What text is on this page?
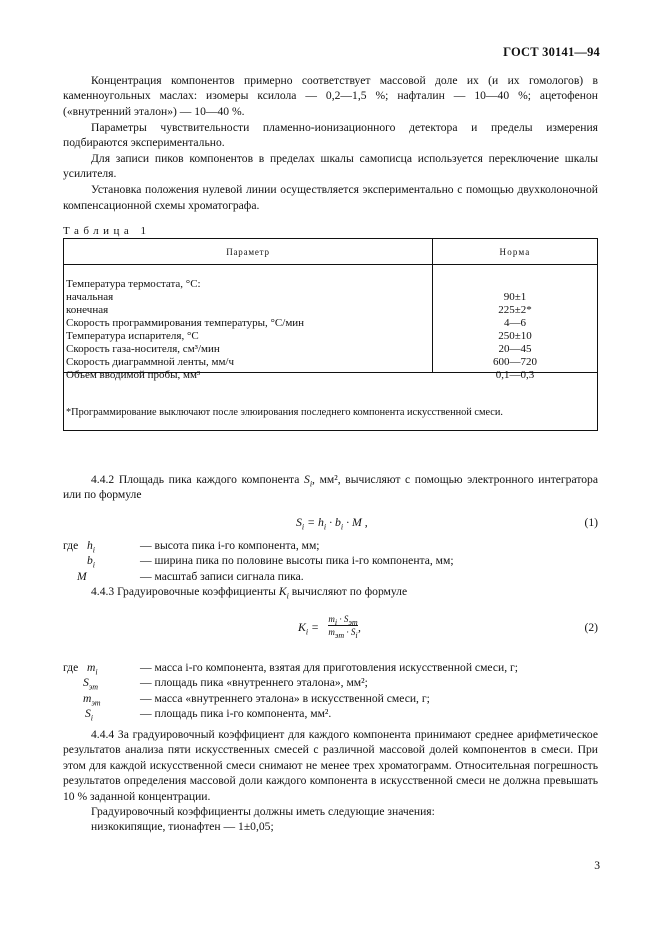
ГОСТ 30141—94

Концентрация компонентов примерно соответствует массовой доле их (и их гомологов) в каменноугольных маслах: изомеры ксилола — 0,2—1,5 %; нафталин — 10—40 %; ацетофенон («внутренний эталон») — 10—40 %.

Параметры чувствительности пламенно-ионизационного детектора и пределы измерения подбираются экспериментально.

Для записи пиков компонентов в пределах шкалы самописца используется переключение шкалы усилителя.

Установка положения нулевой линии осуществляется экспериментально с помощью двухколоночной компенсационной схемы хроматографа.

Таблица 1
Параметр	Норма
Температура термостата, °C:
начальная	90±1
конечная	225±2*
Скорость программирования температуры, °C/мин	4—6
Температура испарителя, °C	250±10
Скорость газа-носителя, см³/мин	20—45
Скорость диаграммной ленты, мм/ч	600—720
Объем вводимой пробы, мм³	0,1—0,3
*Программирование выключают после элюирования последнего компонента искусственной смеси.
4.4.2 Площадь пика каждого компонента $S_i$, мм², вычисляют с помощью электронного интегратора или по формуле
$S_i = h_i \cdot b_i \cdot M$ ,	(1)
где $h_i$	— высота пика i-го компонента, мм;
$b_i$	— ширина пика по половине высоты пика i-го компонента, мм;
M	— масштаб записи сигнала пика.
4.4.3 Градуировочные коэффициенты $K_i$ вычисляют по формуле
$K_i$ =
$m_i \cdot S_{эт}$
$m_{эт} \cdot S_i$
,	(2)
где $m_i$	— масса i-го компонента, взятая для приготовления искусственной смеси, г;
$S_{эт}$	— площадь пика «внутреннего эталона», мм²;
$m_{эт}$	— масса «внутреннего эталона» в искусственной смеси, г;
$S_i$	— площадь пика i-го компонента, мм².
4.4.4 За градуировочный коэффициент для каждого компонента принимают среднее арифметическое результатов анализа пяти искусственных смесей с различной массовой долей компонентов в смеси. При этом для каждой искусственной смеси снимают не менее трех хроматограмм. Относительная погрешность результатов определения массовой доли каждого компонента в искусственной смеси не должна превышать 10 % заданной концентрации.
Градуировочный коэффициенты должны иметь следующие значения:
низкокипящие, тионафтен — 1±0,05;
3
